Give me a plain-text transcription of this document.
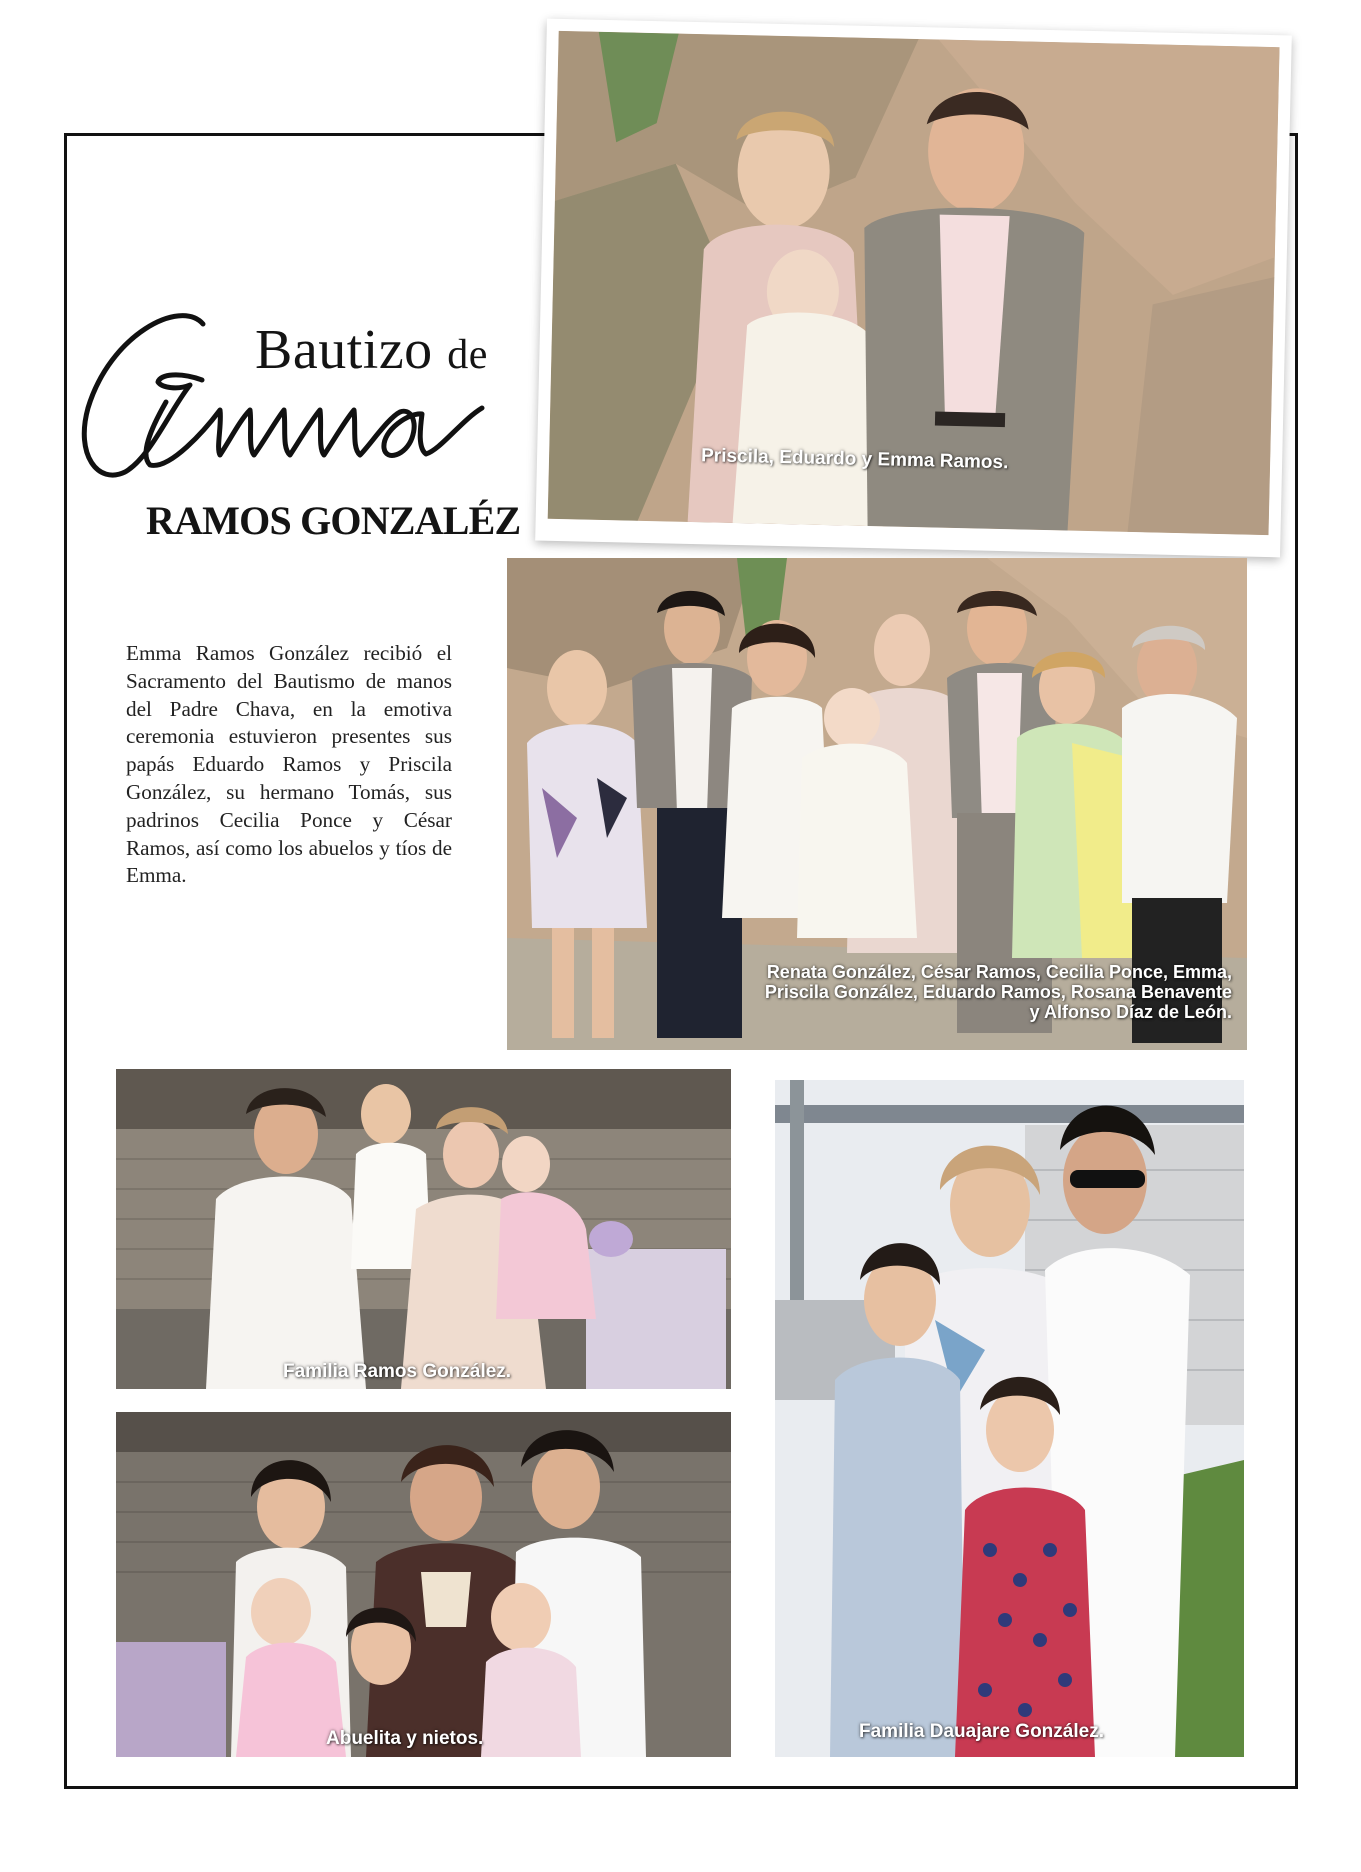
Bautizo de
RAMOS GONZALÉZ

Emma Ramos González recibió el Sacramento del Bautismo de manos del Padre Chava, en la emotiva ceremonia estuvieron presentes sus papás Eduardo Ramos y Priscila González, su hermano Tomás, sus padrinos Cecilia Ponce y César Ramos, así como los abuelos y tíos de Emma.

Priscila, Eduardo y Emma Ramos.
Renata González, César Ramos, Cecilia Ponce, Emma,
Priscila González, Eduardo Ramos, Rosana Benavente
y Alfonso Díaz de León.
Familia Ramos González.
Familia Dauajare González.
Abuelita y nietos.
